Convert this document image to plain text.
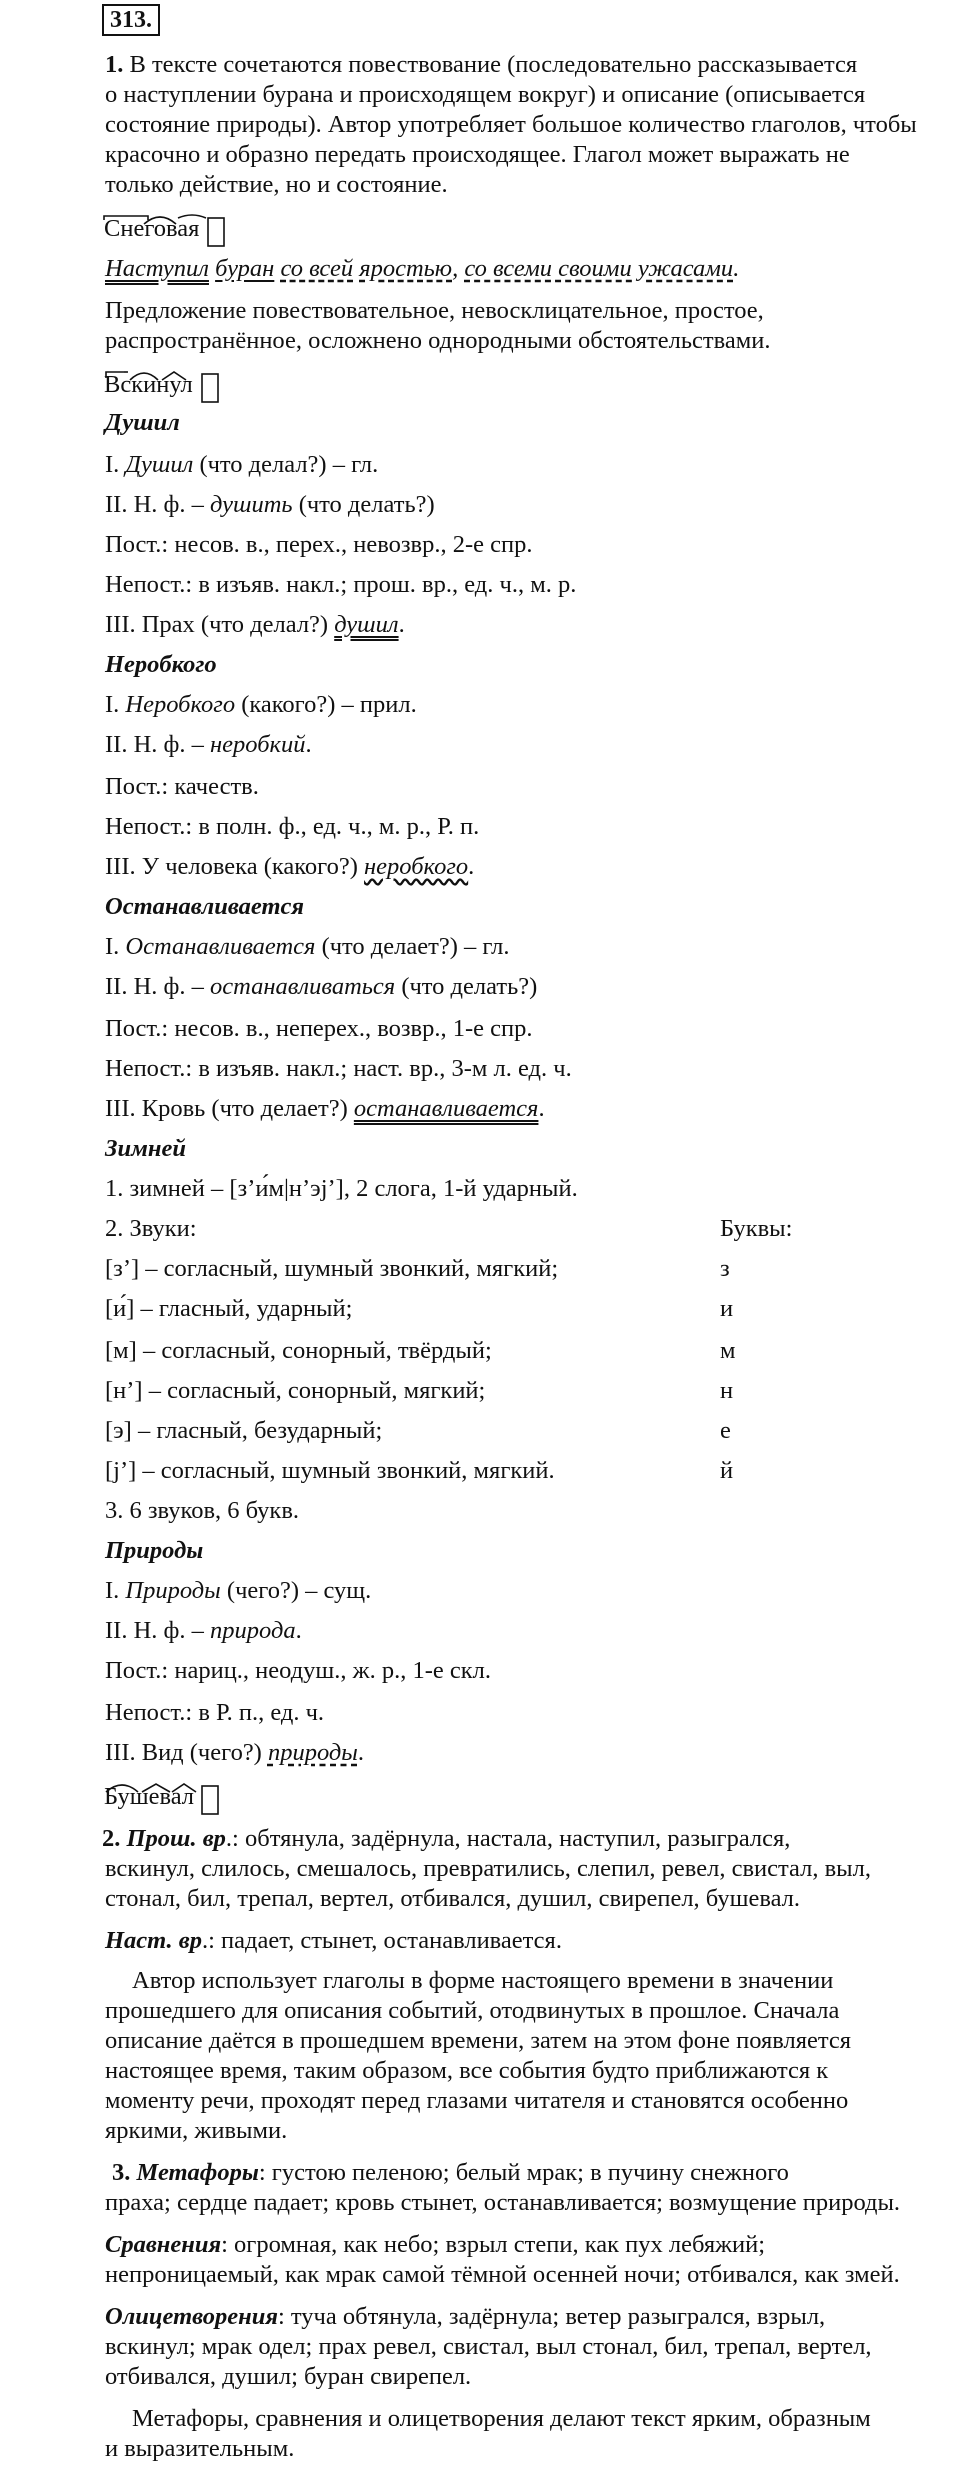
313.
1. В тексте сочетаются повествование (последовательно рассказывается
о наступлении бурана и происходящем вокруг) и описание (описывается
состояние природы). Автор употребляет большое количество глаголов, чтобы
красочно и образно передать происходящее. Глагол может выражать не
только действие, но и состояние.
Снеговая
Наступил буран со всей яростью, со всеми своими ужасами.
Предложение повествовательное, невосклицательное, простое,
распространённое, осложнено однородными обстоятельствами.
Вскинул
Душил
I. Душил (что делал?) – гл.
II. Н. ф. – душить (что делать?)
Пост.: несов. в., перех., невозвр., 2-е спр.
Непост.: в изъяв. накл.; прош. вр., ед. ч., м. р.
III. Прах (что делал?) душил.
Неробкого
I. Неробкого (какого?) – прил.
II. Н. ф. – неробкий.
Пост.: качеств.
Непост.: в полн. ф., ед. ч., м. р., Р. п.
III. У человека (какого?) неробкого.
Останавливается
I. Останавливается (что делает?) – гл.
II. Н. ф. – останавливаться (что делать?)
Пост.: несов. в., неперех., возвр., 1-е спр.
Непост.: в изъяв. накл.; наст. вр., 3-м л. ед. ч.
III. Кровь (что делает?) останавливается.
Зимней
1. зимней – [з’и́м|н’эj’], 2 слога, 1-й ударный.
2. Звуки:	Буквы:
[з’] – согласный, шумный звонкий, мягкий;	з
[и́] – гласный, ударный;	и
[м] – согласный, сонорный, твёрдый;	м
[н’] – согласный, сонорный, мягкий;	н
[э] – гласный, безударный;	е
[j’] – согласный, шумный звонкий, мягкий.	й
3. 6 звуков, 6 букв.
Природы
I. Природы (чего?) – сущ.
II. Н. ф. – природа.
Пост.: нариц., неодуш., ж. р., 1-е скл.
Непост.: в Р. п., ед. ч.
III. Вид (чего?) природы.
Бушевал
2. Прош. вр.: обтянула, задёрнула, настала, наступил, разыгрался,
вскинул, слилось, смешалось, превратились, слепил, ревел, свистал, выл,
стонал, бил, трепал, вертел, отбивался, душил, свирепел, бушевал.
Наст. вр.: падает, стынет, останавливается.
Автор использует глаголы в форме настоящего времени в значении
прошедшего для описания событий, отодвинутых в прошлое. Сначала
описание даётся в прошедшем времени, затем на этом фоне появляется
настоящее время, таким образом, все события будто приближаются к
моменту речи, проходят перед глазами читателя и становятся особенно
яркими, живыми.
3. Метафоры: густою пеленою; белый мрак; в пучину снежного
праха; сердце падает; кровь стынет, останавливается; возмущение природы.
Сравнения: огромная, как небо; взрыл степи, как пух лебяжий;
непроницаемый, как мрак самой тёмной осенней ночи; отбивался, как змей.
Олицетворения: туча обтянула, задёрнула; ветер разыгрался, взрыл,
вскинул; мрак одел; прах ревел, свистал, выл стонал, бил, трепал, вертел,
отбивался, душил; буран свирепел.
Метафоры, сравнения и олицетворения делают текст ярким, образным
и выразительным.
